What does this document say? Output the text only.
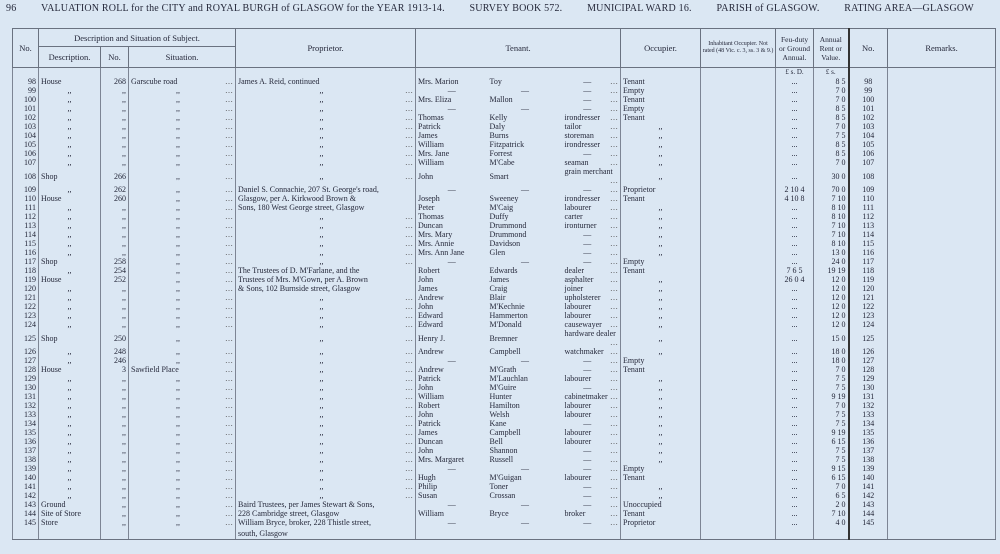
96 VALUATION ROLL for the CITY and ROYAL BURGH of GLASGOW for the YEAR 1913-14. SURVEY BOOK 572. MUNICIPAL WARD 16. PARISH of GLASGOW. RATING AREA—GLASGOW
No.	Description and Situation of Subject.			Proprietor.	Tenant.			Occupier.	Inhabitant Occupier. Not rated (48 Vic. c. 3, ss. 3 & 9.)	Feu-duty or Ground Annual.	Annual Rent or Value.	No.	Remarks.
	Description.	No.	Situation.										
										£ s. D.	£ s.		
98	House	268	Garscube road …	James A. Reid, continued	Mrs. Marion	Toy	— …	Tenant		...	8 5	98	
99	,,	,,	,, …	,, …	—	—	— …	Empty		...	7 0	99	
100	,,	,,	,, …	,, …	Mrs. Eliza	Mallon	— …	Tenant		...	7 0	100	
101	,,	,,	,, …	,, …	—	—	— …	Empty		...	8 5	101	
102	,,	,,	,, …	,, …	Thomas	Kelly	irondresser …	Tenant		...	8 5	102	
103	,,	,,	,, …	,, …	Patrick	Daly	tailor …	,,		...	7 0	103	
104	,,	,,	,, …	,, …	James	Burns	storeman …	,,		...	7 5	104	
105	,,	,,	,, …	,, …	William	Fitzpatrick	irondresser …	,,		...	8 5	105	
106	,,	,,	,, …	,, …	Mrs. Jane	Forrest	— …	,,		...	8 5	106	
107	,,	,,	,, …	,, …	William	M'Cabe	seaman …	,,		...	7 0	107	
108	Shop	266	,, …	,, …	John	Smart	grain merchant …	,,		...	30 0	108	
109	,,	262	,, …	Daniel S. Connachie, 207 St. George's road,	—	—	— …	Proprietor		2 10 4	70 0	109	
110	House	260	,, …	Glasgow, per A. Kirkwood Brown &	Joseph	Sweeney	irondresser …	Tenant		4 10 8	7 10	110	
111	,,	,,	,, …	Sons, 180 West George street, Glasgow	Peter	M'Caig	labourer …	,,		...	8 10	111	
112	,,	,,	,, …	,, …	Thomas	Duffy	carter …	,,		...	8 10	112	
113	,,	,,	,, …	,, …	Duncan	Drummond	ironturner …	,,		...	7 10	113	
114	,,	,,	,, …	,, …	Mrs. Mary	Drummond	— …	,,		...	7 10	114	
115	,,	,,	,, …	,, …	Mrs. Annie	Davidson	— …	,,		...	8 10	115	
116	,,	,,	,, …	,, …	Mrs. Ann Jane	Glen	— …	,,		...	13 0	116	
117	Shop	258	,, …	,, …	—	—	— …	Empty		...	24 0	117	
118	,,	254	,, …	The Trustees of D. M'Farlane, and the	Robert	Edwards	dealer …	Tenant		7 6 5	19 19	118	
119	House	252	,, …	Trustees of Mrs. M'Gown, per A. Brown	John	James	asphalter …	,,		26 0 4	12 0	119	
120	,,	,,	,, …	& Sons, 102 Burnside street, Glasgow	James	Craig	joiner …	,,		...	12 0	120	
121	,,	,,	,, …	,, …	Andrew	Blair	upholsterer …	,,		...	12 0	121	
122	,,	,,	,, …	,, …	John	M'Kechnie	labourer …	,,		...	12 0	122	
123	,,	,,	,, …	,, …	Edward	Hammerton	labourer …	,,		...	12 0	123	
124	,,	,,	,, …	,, …	Edward	M'Donald	causewayer …	,,		...	12 0	124	
125	Shop	250	,, …	,, …	Henry J.	Bremner	hardware dealer …	,,		...	15 0	125	
126	,,	248	,, …	,, …	Andrew	Campbell	watchmaker …	,,		...	18 0	126	
127	,,	246	,, …	,, …	—	—	— …	Empty		...	18 0	127	
128	House	3	Sawfield Place …	,, …	Andrew	M'Grath	— …	Tenant		...	7 0	128	
129	,,	,,	,, …	,, …	Patrick	M'Lauchlan	labourer …	,,		...	7 5	129	
130	,,	,,	,, …	,, …	John	M'Guire	— …	,,		...	7 5	130	
131	,,	,,	,, …	,, …	William	Hunter	cabinetmaker …	,,		...	9 19	131	
132	,,	,,	,, …	,, …	Robert	Hamilton	labourer …	,,		...	7 0	132	
133	,,	,,	,, …	,, …	John	Welsh	labourer …	,,		...	7 5	133	
134	,,	,,	,, …	,, …	Patrick	Kane	— …	,,		...	7 5	134	
135	,,	,,	,, …	,, …	James	Campbell	labourer …	,,		...	9 19	135	
136	,,	,,	,, …	,, …	Duncan	Bell	labourer …	,,		...	6 15	136	
137	,,	,,	,, …	,, …	John	Shannon	— …	,,		...	7 5	137	
138	,,	,,	,, …	,, …	Mrs. Margaret	Russell	— …	,,		...	7 5	138	
139	,,	,,	,, …	,, …	—	—	— …	Empty		...	9 15	139	
140	,,	,,	,, …	,, …	Hugh	M'Guigan	labourer …	Tenant		...	6 15	140	
141	,,	,,	,, …	,, …	Philip	Toner	— …	,,		...	7 0	141	
142	,,	,,	,, …	,, …	Susan	Crossan	— …	,,		...	6 5	142	
143	Ground	,,	,, …	Baird Trustees, per James Stewart & Sons,	—	—	— …	Unoccupied		...	2 0	143	
144	Site of Store	,,	,, …	228 Cambridge street, Glasgow	William	Bryce	broker …	Tenant		...	7 10	144	
145	Store	,,	,, …	William Bryce, broker, 228 Thistle street,	—	—	— …	Proprietor		...	4 0	145	
				south, Glasgow									
